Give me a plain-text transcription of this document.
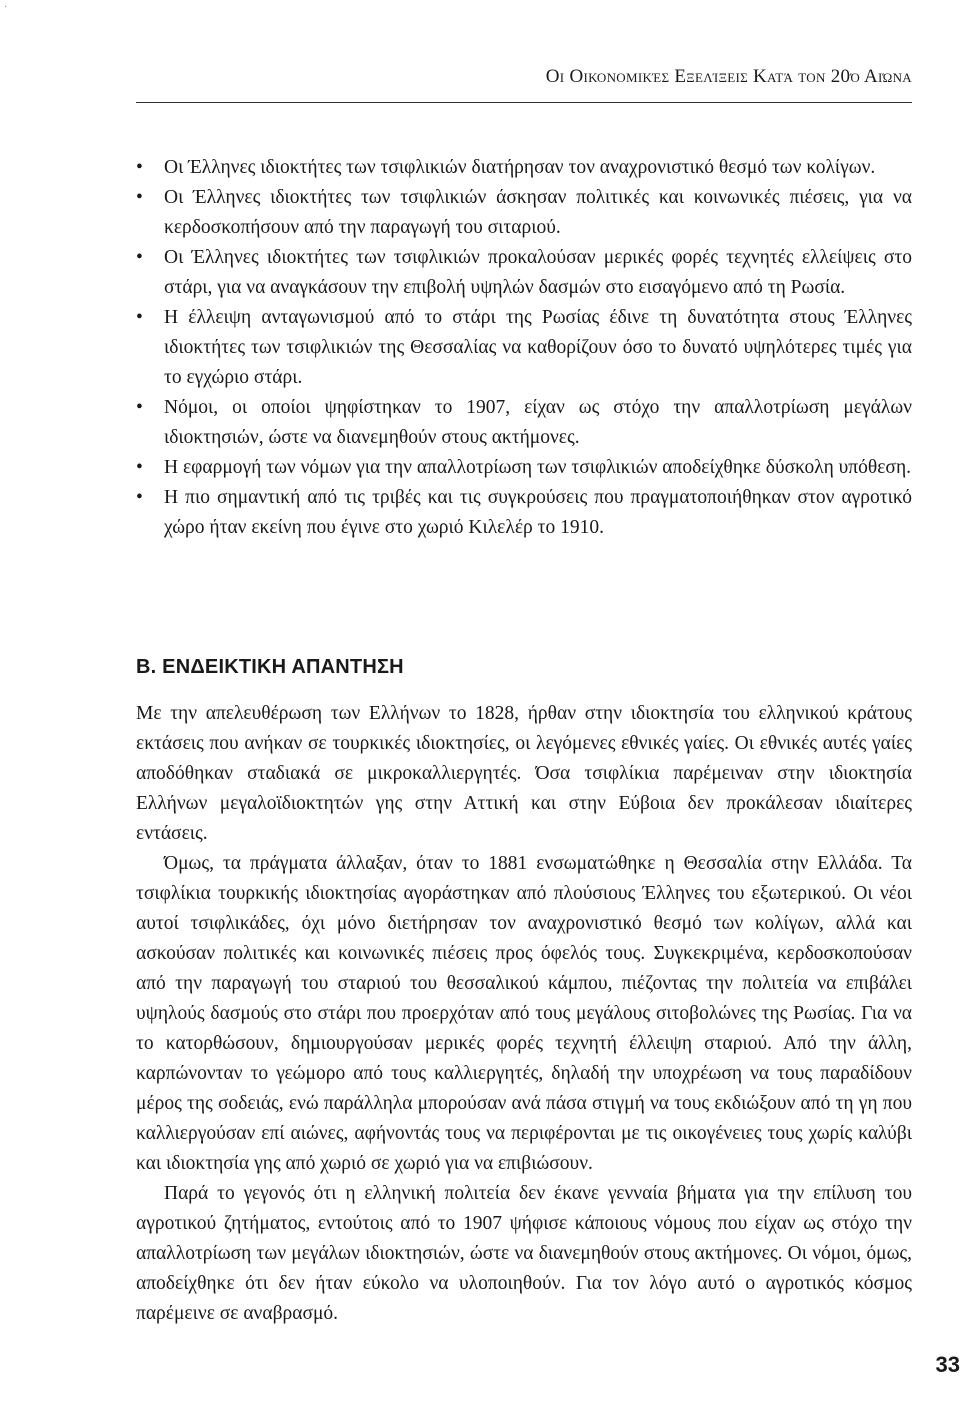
·
Οι Οικονομικές Εξελίξεις Κατά τον 20ό Αιώνα
• Οι Έλληνες ιδιοκτήτες των τσιφλικιών διατήρησαν τον αναχρονιστικό θεσμό των κολίγων.
• Οι Έλληνες ιδιοκτήτες των τσιφλικιών άσκησαν πολιτικές και κοινωνικές πιέσεις, για να κερδοσκοπήσουν από την παραγωγή του σιταριού.
• Οι Έλληνες ιδιοκτήτες των τσιφλικιών προκαλούσαν μερικές φορές τεχνητές ελλείψεις στο στάρι, για να αναγκάσουν την επιβολή υψηλών δασμών στο εισαγόμενο από τη Ρωσία.
• Η έλλειψη ανταγωνισμού από το στάρι της Ρωσίας έδινε τη δυνατότητα στους Έλληνες ιδιοκτήτες των τσιφλικιών της Θεσσαλίας να καθορίζουν όσο το δυνατό υψηλότερες τιμές για το εγχώριο στάρι.
• Νόμοι, οι οποίοι ψηφίστηκαν το 1907, είχαν ως στόχο την απαλλοτρίωση μεγάλων ιδιοκτησιών, ώστε να διανεμηθούν στους ακτήμονες.
• Η εφαρμογή των νόμων για την απαλλοτρίωση των τσιφλικιών αποδείχθηκε δύσκολη υπόθεση.
• Η πιο σημαντική από τις τριβές και τις συγκρούσεις που πραγματοποιήθηκαν στον αγροτικό χώρο ήταν εκείνη που έγινε στο χωριό Κιλελέρ το 1910.
Β. ΕΝΔΕΙΚΤΙΚΗ ΑΠΑΝΤΗΣΗ

Με την απελευθέρωση των Ελλήνων το 1828, ήρθαν στην ιδιοκτησία του ελληνικού κράτους εκτάσεις που ανήκαν σε τουρκικές ιδιοκτησίες, οι λεγόμενες εθνικές γαίες. Οι εθνικές αυτές γαίες αποδόθηκαν σταδιακά σε μικροκαλλιεργητές. Όσα τσιφλίκια παρέμειναν στην ιδιοκτησία Ελλήνων μεγαλοϊδιοκτητών γης στην Αττική και στην Εύβοια δεν προκάλεσαν ιδιαίτερες εντάσεις.

Όμως, τα πράγματα άλλαξαν, όταν το 1881 ενσωματώθηκε η Θεσσαλία στην Ελλάδα. Τα τσιφλίκια τουρκικής ιδιοκτησίας αγοράστηκαν από πλούσιους Έλληνες του εξωτερικού. Οι νέοι αυτοί τσιφλικάδες, όχι μόνο διετήρησαν τον αναχρονιστικό θεσμό των κολίγων, αλλά και ασκούσαν πολιτικές και κοινωνικές πιέσεις προς όφελός τους. Συγκεκριμένα, κερδοσκοπούσαν από την παραγωγή του σταριού του θεσσαλικού κάμπου, πιέζοντας την πολιτεία να επιβάλει υψηλούς δασμούς στο στάρι που προερχόταν από τους μεγάλους σιτοβολώνες της Ρωσίας. Για να το κατορθώσουν, δημιουργούσαν μερικές φορές τεχνητή έλλειψη σταριού. Από την άλλη, καρπώνονταν το γεώμορο από τους καλλιεργητές, δηλαδή την υποχρέωση να τους παραδίδουν μέρος της σοδειάς, ενώ παράλληλα μπορούσαν ανά πάσα στιγμή να τους εκδιώξουν από τη γη που καλλιεργούσαν επί αιώνες, αφήνοντάς τους να περιφέρονται με τις οικογένειες τους χωρίς καλύβι και ιδιοκτησία γης από χωριό σε χωριό για να επιβιώσουν.

Παρά το γεγονός ότι η ελληνική πολιτεία δεν έκανε γενναία βήματα για την επίλυση του αγροτικού ζητήματος, εντούτοις από το 1907 ψήφισε κάποιους νόμους που είχαν ως στόχο την απαλλοτρίωση των μεγάλων ιδιοκτησιών, ώστε να διανεμηθούν στους ακτήμονες. Οι νόμοι, όμως, αποδείχθηκε ότι δεν ήταν εύκολο να υλοποιηθούν. Για τον λόγο αυτό ο αγροτικός κόσμος παρέμεινε σε αναβρασμό.

33
